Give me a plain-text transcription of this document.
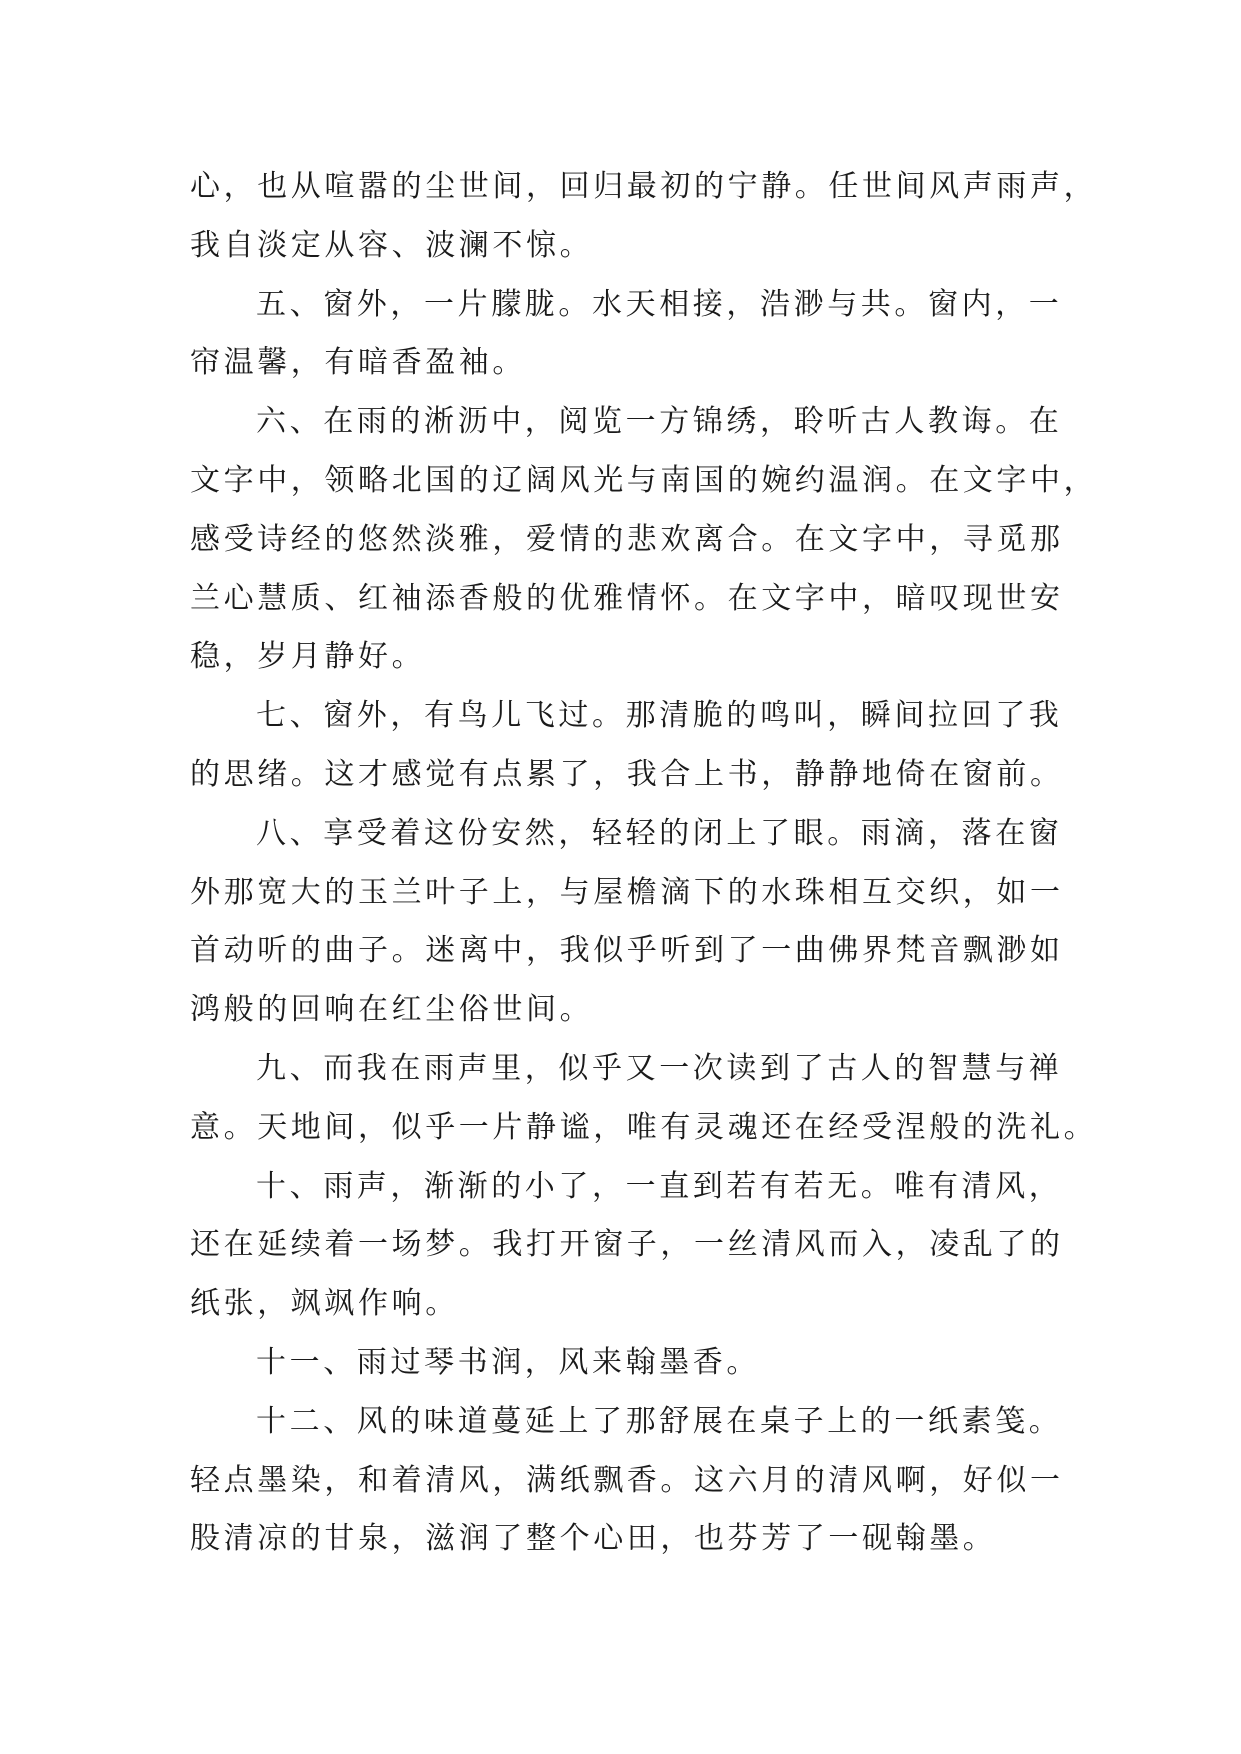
心，也从喧嚣的尘世间，回归最初的宁静。任世间风声雨声，
我自淡定从容、波澜不惊。
五、窗外，一片朦胧。水天相接，浩渺与共。窗内，一
帘温馨，有暗香盈袖。
六、在雨的淅沥中，阅览一方锦绣，聆听古人教诲。在
文字中，领略北国的辽阔风光与南国的婉约温润。在文字中，
感受诗经的悠然淡雅，爱情的悲欢离合。在文字中，寻觅那
兰心慧质、红袖添香般的优雅情怀。在文字中，暗叹现世安
稳，岁月静好。
七、窗外，有鸟儿飞过。那清脆的鸣叫，瞬间拉回了我
的思绪。这才感觉有点累了，我合上书，静静地倚在窗前。
八、享受着这份安然，轻轻的闭上了眼。雨滴，落在窗
外那宽大的玉兰叶子上，与屋檐滴下的水珠相互交织，如一
首动听的曲子。迷离中，我似乎听到了一曲佛界梵音飘渺如
鸿般的回响在红尘俗世间。
九、而我在雨声里，似乎又一次读到了古人的智慧与禅
意。天地间，似乎一片静谧，唯有灵魂还在经受涅般的洗礼。
十、雨声，渐渐的小了，一直到若有若无。唯有清风，
还在延续着一场梦。我打开窗子，一丝清风而入，凌乱了的
纸张，飒飒作响。
十一、雨过琴书润，风来翰墨香。
十二、风的味道蔓延上了那舒展在桌子上的一纸素笺。
轻点墨染，和着清风，满纸飘香。这六月的清风啊，好似一
股清凉的甘泉，滋润了整个心田，也芬芳了一砚翰墨。
